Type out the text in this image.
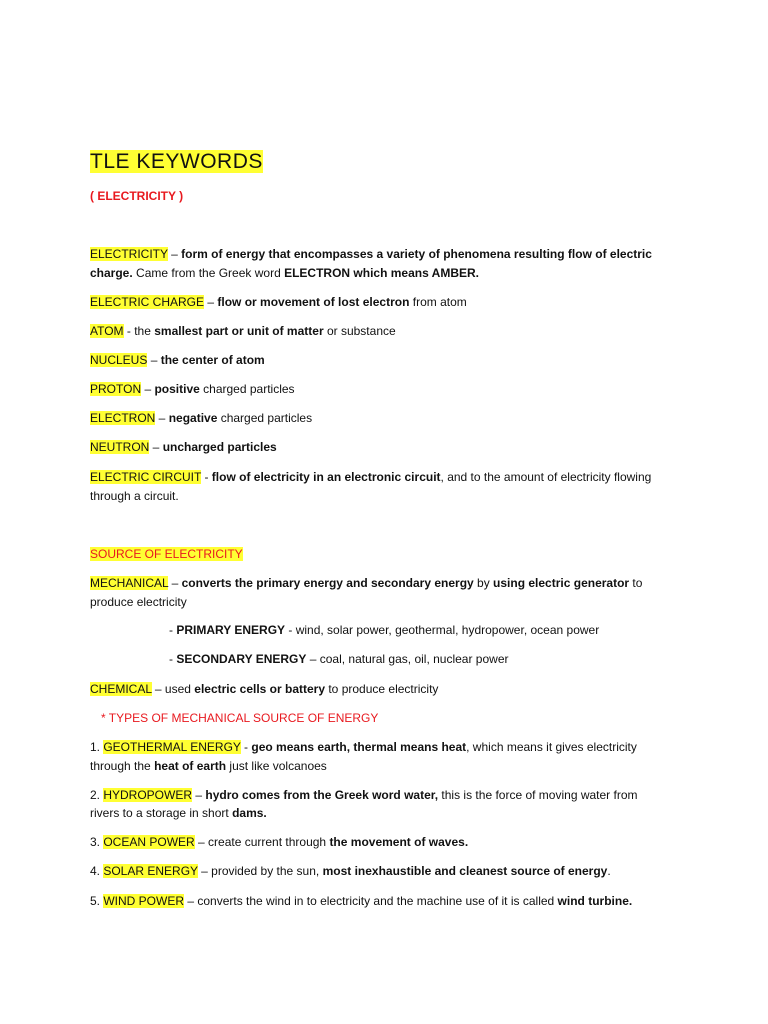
TLE KEYWORDS
( ELECTRICITY )
ELECTRICITY – form of energy that encompasses a variety of phenomena resulting flow of electric
charge. Came from the Greek word ELECTRON which means AMBER.
ELECTRIC CHARGE – flow or movement of lost electron from atom
ATOM - the smallest part or unit of matter or substance
NUCLEUS – the center of atom
PROTON – positive charged particles
ELECTRON – negative charged particles
NEUTRON – uncharged particles
ELECTRIC CIRCUIT - flow of electricity in an electronic circuit, and to the amount of electricity flowing
through a circuit.
SOURCE OF ELECTRICITY
MECHANICAL – converts the primary energy and secondary energy by using electric generator to
produce electricity
- PRIMARY ENERGY - wind, solar power, geothermal, hydropower, ocean power
- SECONDARY ENERGY – coal, natural gas, oil, nuclear power
CHEMICAL – used electric cells or battery to produce electricity
* TYPES OF MECHANICAL SOURCE OF ENERGY
1. GEOTHERMAL ENERGY - geo means earth, thermal means heat, which means it gives electricity
through the heat of earth just like volcanoes
2. HYDROPOWER – hydro comes from the Greek word water, this is the force of moving water from
rivers to a storage in short dams.
3. OCEAN POWER – create current through the movement of waves.
4. SOLAR ENERGY – provided by the sun, most inexhaustible and cleanest source of energy.
5. WIND POWER – converts the wind in to electricity and the machine use of it is called wind turbine.
